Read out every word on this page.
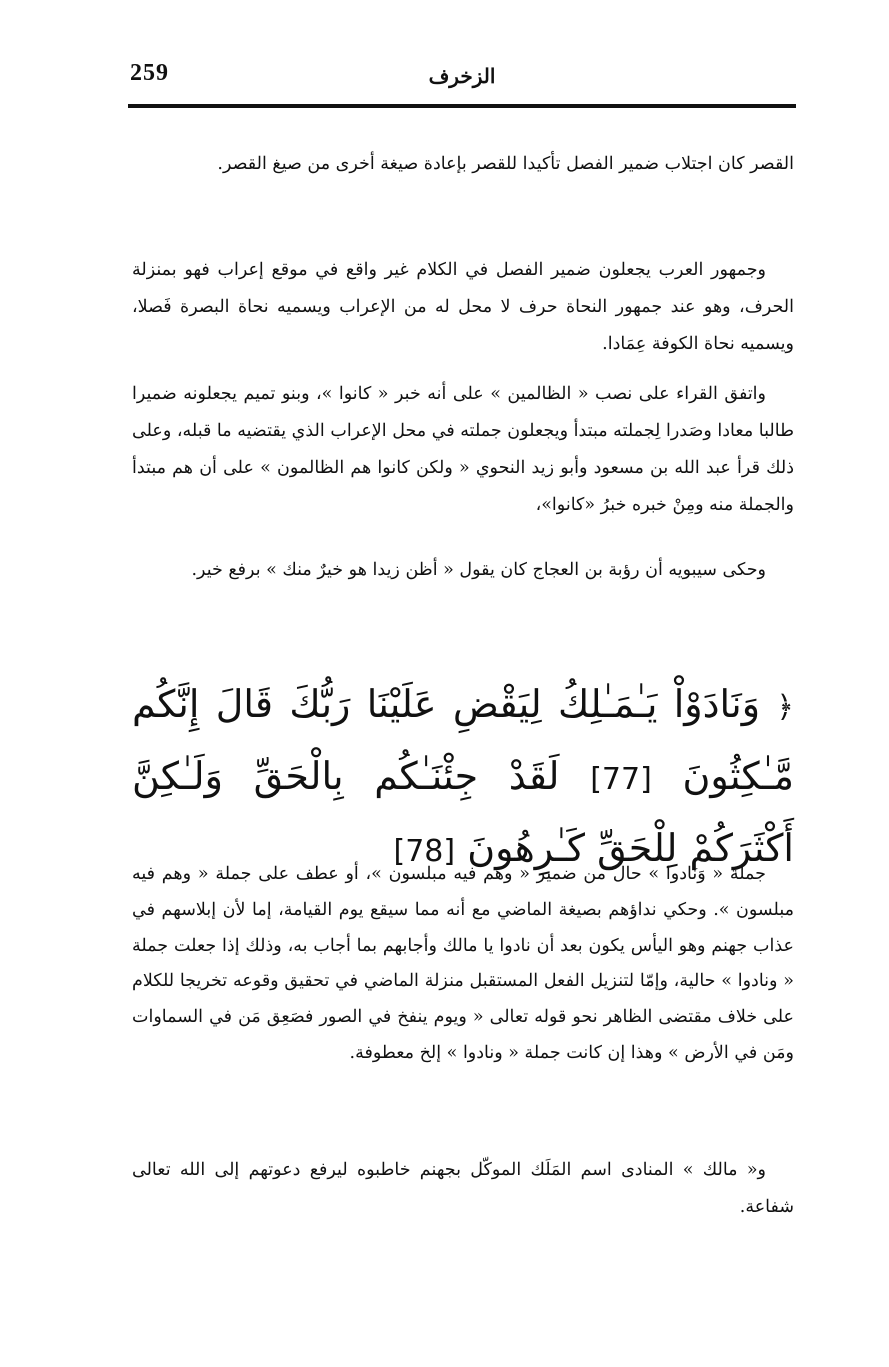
259	الزخرف

القصر كان اجتلاب ضمير الفصل تأكيدا للقصر بإعادة صيغة أخرى من صيغ القصر.

وجمهور العرب يجعلون ضمير الفصل في الكلام غير واقع في موقع إعراب فهو بمنزلة الحرف، وهو عند جمهور النحاة حرف لا محل له من الإعراب ويسميه نحاة البصرة فَصلا، ويسميه نحاة الكوفة عِمَادا.

واتفق القراء على نصب « الظالمين » على أنه خبر « كانوا »، وبنو تميم يجعلونه ضميرا طالبا معادا وصَدرا لِجملته مبتدأ ويجعلون جملته في محل الإعراب الذي يقتضيه ما قبله، وعلى ذلك قرأ عبد الله بن مسعود وأبو زيد النحوي « ولكن كانوا هم الظالمون » على أن هم مبتدأ والجملة منه ومِنْ خبره خبرُ «كانوا»،

وحكى سيبويه أن رؤبة بن العجاج كان يقول « أظن زيدا هو خيرٌ منك » برفع خير.

﴿ وَنَادَوْاْ يَـٰمَـٰلِكُ لِيَقْضِ عَلَيْنَا رَبُّكَ قَالَ إِنَّكُم مَّـٰكِثُونَ [77] لَقَدْ جِئْنَـٰكُم بِالْحَقِّ وَلَـٰكِنَّ أَكْثَرَكُمْ لِلْحَقِّ كَـٰرِهُونَ [78]

جملة « وَنَادوا » حال من ضمير « وهم فيه مبلسون »، أو عطف على جملة « وهم فيه مبلسون ». وحكي نداؤهم بصيغة الماضي مع أنه مما سيقع يوم القيامة، إما لأن إبلاسهم في عذاب جهنم وهو اليأس يكون بعد أن نادوا يا مالك وأجابهم بما أجاب به، وذلك إذا جعلت جملة « ونادوا » حالية، وإمّا لتنزيل الفعل المستقبل منزلة الماضي في تحقيق وقوعه تخريجا للكلام على خلاف مقتضى الظاهر نحو قوله تعالى « ويوم ينفخ في الصور فصَعِق مَن في السماوات ومَن في الأرض » وهذا إن كانت جملة « ونادوا » إلخ معطوفة.

و« مالك » المنادى اسم المَلَك الموكّل بجهنم خاطبوه ليرفع دعوتهم إلى الله تعالى شفاعة.
